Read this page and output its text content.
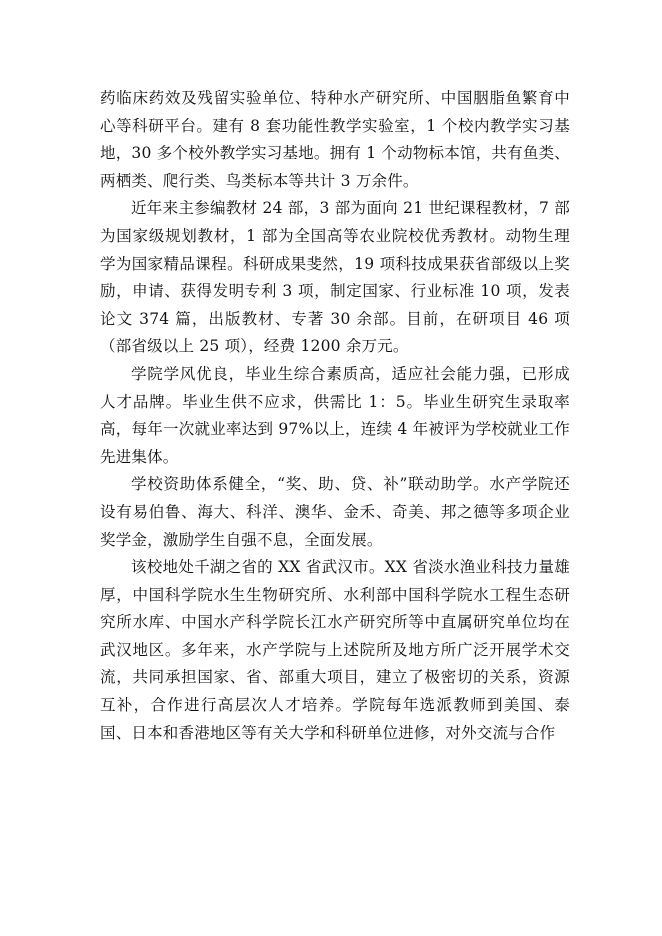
药临床药效及残留实验单位、特种水产研究所、中国胭脂鱼繁育中心等科研平台。建有 8 套功能性教学实验室，1 个校内教学实习基地，30 多个校外教学实习基地。拥有 1 个动物标本馆，共有鱼类、两栖类、爬行类、鸟类标本等共计 3 万余件。

近年来主参编教材 24 部，3 部为面向 21 世纪课程教材，7 部为国家级规划教材，1 部为全国高等农业院校优秀教材。动物生理学为国家精品课程。科研成果斐然，19 项科技成果获省部级以上奖励，申请、获得发明专利 3 项，制定国家、行业标准 10 项，发表论文 374 篇，出版教材、专著 30 余部。目前，在研项目 46 项（部省级以上 25 项），经费 1200 余万元。

学院学风优良，毕业生综合素质高，适应社会能力强，已形成人才品牌。毕业生供不应求，供需比 1：5。毕业生研究生录取率高，每年一次就业率达到 97%以上，连续 4 年被评为学校就业工作先进集体。

学校资助体系健全，“奖、助、贷、补”联动助学。水产学院还设有易伯鲁、海大、科洋、澳华、金禾、奇美、邦之德等多项企业奖学金，激励学生自强不息，全面发展。

该校地处千湖之省的 XX 省武汉市。XX 省淡水渔业科技力量雄厚，中国科学院水生生物研究所、水利部中国科学院水工程生态研究所水库、中国水产科学院长江水产研究所等中直属研究单位均在武汉地区。多年来，水产学院与上述院所及地方所广泛开展学术交流，共同承担国家、省、部重大项目，建立了极密切的关系，资源互补，合作进行高层次人才培养。学院每年选派教师到美国、泰国、日本和香港地区等有关大学和科研单位进修，对外交流与合作
